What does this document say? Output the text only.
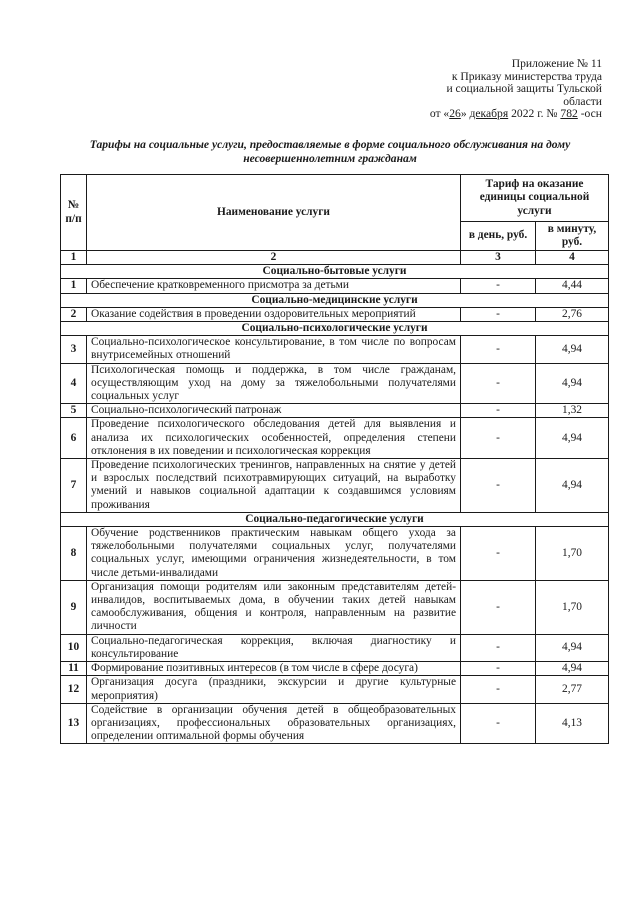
Приложение № 11
к Приказу министерства труда
и социальной защиты Тульской
области
от «26» декабря 2022 г. № 782 -осн
Тарифы на социальные услуги, предоставляемые в форме социального обслуживания на дому несовершеннолетним гражданам
№ п/п	Наименование услуги	Тариф на оказание единицы социальной услуги	
		в день, руб.	в минуту, руб.
1	2	3	4
Социально-бытовые услуги			
1	Обеспечение кратковременного присмотра за детьми	-	4,44
Социально-медицинские услуги			
2	Оказание содействия в проведении оздоровительных мероприятий	-	2,76
Социально-психологические услуги			
3	Социально-психологическое консультирование, в том числе по вопросам внутрисемейных отношений	-	4,94
4	Психологическая помощь и поддержка, в том числе гражданам, осуществляющим уход на дому за тяжелобольными получателями социальных услуг	-	4,94
5	Социально-психологический патронаж	-	1,32
6	Проведение психологического обследования детей для выявления и анализа их психологических особенностей, определения степени отклонения в их поведении и психологическая коррекция	-	4,94
7	Проведение психологических тренингов, направленных на снятие у детей и взрослых последствий психотравмирующих ситуаций, на выработку умений и навыков социальной адаптации к создавшимся условиям проживания	-	4,94
Социально-педагогические услуги			
8	Обучение родственников практическим навыкам общего ухода за тяжелобольными получателями социальных услуг, получателями социальных услуг, имеющими ограничения жизнедеятельности, в том числе детьми-инвалидами	-	1,70
9	Организация помощи родителям или законным представителям детей-инвалидов, воспитываемых дома, в обучении таких детей навыкам самообслуживания, общения и контроля, направленным на развитие личности	-	1,70
10	Социально-педагогическая коррекция, включая диагностику и консультирование	-	4,94
11	Формирование позитивных интересов (в том числе в сфере досуга)	-	4,94
12	Организация досуга (праздники, экскурсии и другие культурные мероприятия)	-	2,77
13	Содействие в организации обучения детей в общеобразовательных организациях, профессиональных образовательных организациях, определении оптимальной формы обучения	-	4,13
